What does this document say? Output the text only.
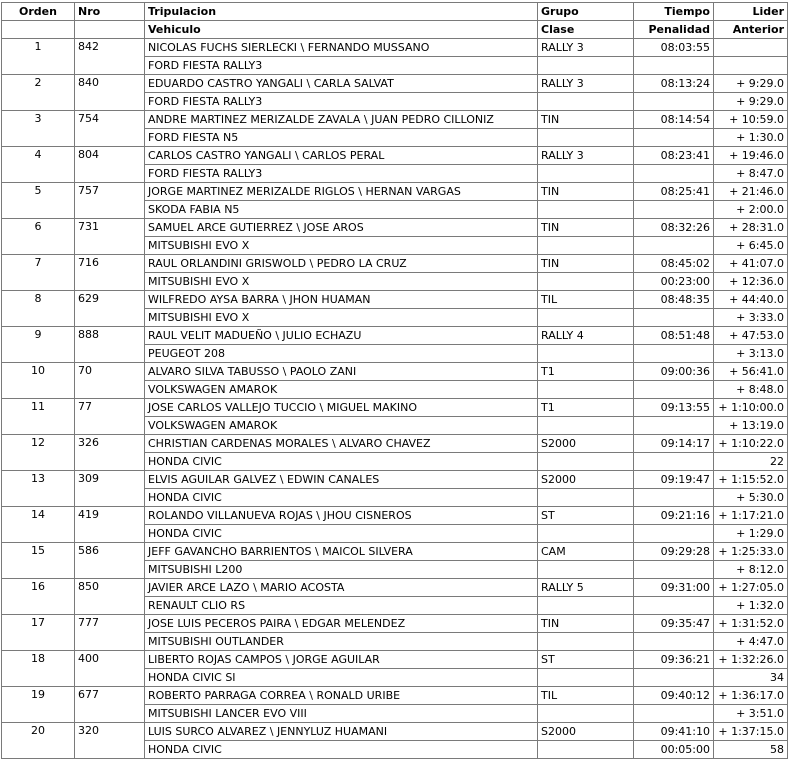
Orden	Nro	Tripulacion	Grupo	Tiempo	Lider
		Vehiculo	Clase	Penalidad	Anterior
1	842	NICOLAS FUCHS SIERLECKI \ FERNANDO MUSSANO	RALLY 3	08:03:55	
		FORD FIESTA RALLY3			
2	840	EDUARDO CASTRO YANGALI \ CARLA SALVAT	RALLY 3	08:13:24	+ 9:29.0
		FORD FIESTA RALLY3			+ 9:29.0
3	754	ANDRE MARTINEZ MERIZALDE ZAVALA \ JUAN PEDRO CILLONIZ	TIN	08:14:54	+ 10:59.0
		FORD FIESTA N5			+ 1:30.0
4	804	CARLOS CASTRO YANGALI \ CARLOS PERAL	RALLY 3	08:23:41	+ 19:46.0
		FORD FIESTA RALLY3			+ 8:47.0
5	757	JORGE MARTINEZ MERIZALDE RIGLOS \ HERNAN VARGAS	TIN	08:25:41	+ 21:46.0
		SKODA FABIA N5			+ 2:00.0
6	731	SAMUEL ARCE GUTIERREZ \ JOSE AROS	TIN	08:32:26	+ 28:31.0
		MITSUBISHI EVO X			+ 6:45.0
7	716	RAUL ORLANDINI GRISWOLD \ PEDRO LA CRUZ	TIN	08:45:02	+ 41:07.0
		MITSUBISHI EVO X		00:23:00	+ 12:36.0
8	629	WILFREDO AYSA BARRA \ JHON HUAMAN	TIL	08:48:35	+ 44:40.0
		MITSUBISHI EVO X			+ 3:33.0
9	888	RAUL VELIT MADUEÑO \ JULIO ECHAZU	RALLY 4	08:51:48	+ 47:53.0
		PEUGEOT 208			+ 3:13.0
10	70	ALVARO SILVA TABUSSO \ PAOLO ZANI	T1	09:00:36	+ 56:41.0
		VOLKSWAGEN AMAROK			+ 8:48.0
11	77	JOSE CARLOS VALLEJO TUCCIO \ MIGUEL MAKINO	T1	09:13:55	+ 1:10:00.0
		VOLKSWAGEN AMAROK			+ 13:19.0
12	326	CHRISTIAN CARDENAS MORALES \ ALVARO CHAVEZ	S2000	09:14:17	+ 1:10:22.0
		HONDA CIVIC			22
13	309	ELVIS AGUILAR GALVEZ \ EDWIN CANALES	S2000	09:19:47	+ 1:15:52.0
		HONDA CIVIC			+ 5:30.0
14	419	ROLANDO VILLANUEVA ROJAS \ JHOU CISNEROS	ST	09:21:16	+ 1:17:21.0
		HONDA CIVIC			+ 1:29.0
15	586	JEFF GAVANCHO BARRIENTOS \ MAICOL SILVERA	CAM	09:29:28	+ 1:25:33.0
		MITSUBISHI L200			+ 8:12.0
16	850	JAVIER ARCE LAZO \ MARIO ACOSTA	RALLY 5	09:31:00	+ 1:27:05.0
		RENAULT CLIO RS			+ 1:32.0
17	777	JOSE LUIS PECEROS PAIRA \ EDGAR MELENDEZ	TIN	09:35:47	+ 1:31:52.0
		MITSUBISHI OUTLANDER			+ 4:47.0
18	400	LIBERTO ROJAS CAMPOS \ JORGE AGUILAR	ST	09:36:21	+ 1:32:26.0
		HONDA CIVIC SI			34
19	677	ROBERTO PARRAGA CORREA \ RONALD URIBE	TIL	09:40:12	+ 1:36:17.0
		MITSUBISHI LANCER EVO VIII			+ 3:51.0
20	320	LUIS SURCO ALVAREZ \ JENNYLUZ HUAMANI	S2000	09:41:10	+ 1:37:15.0
		HONDA CIVIC		00:05:00	58
